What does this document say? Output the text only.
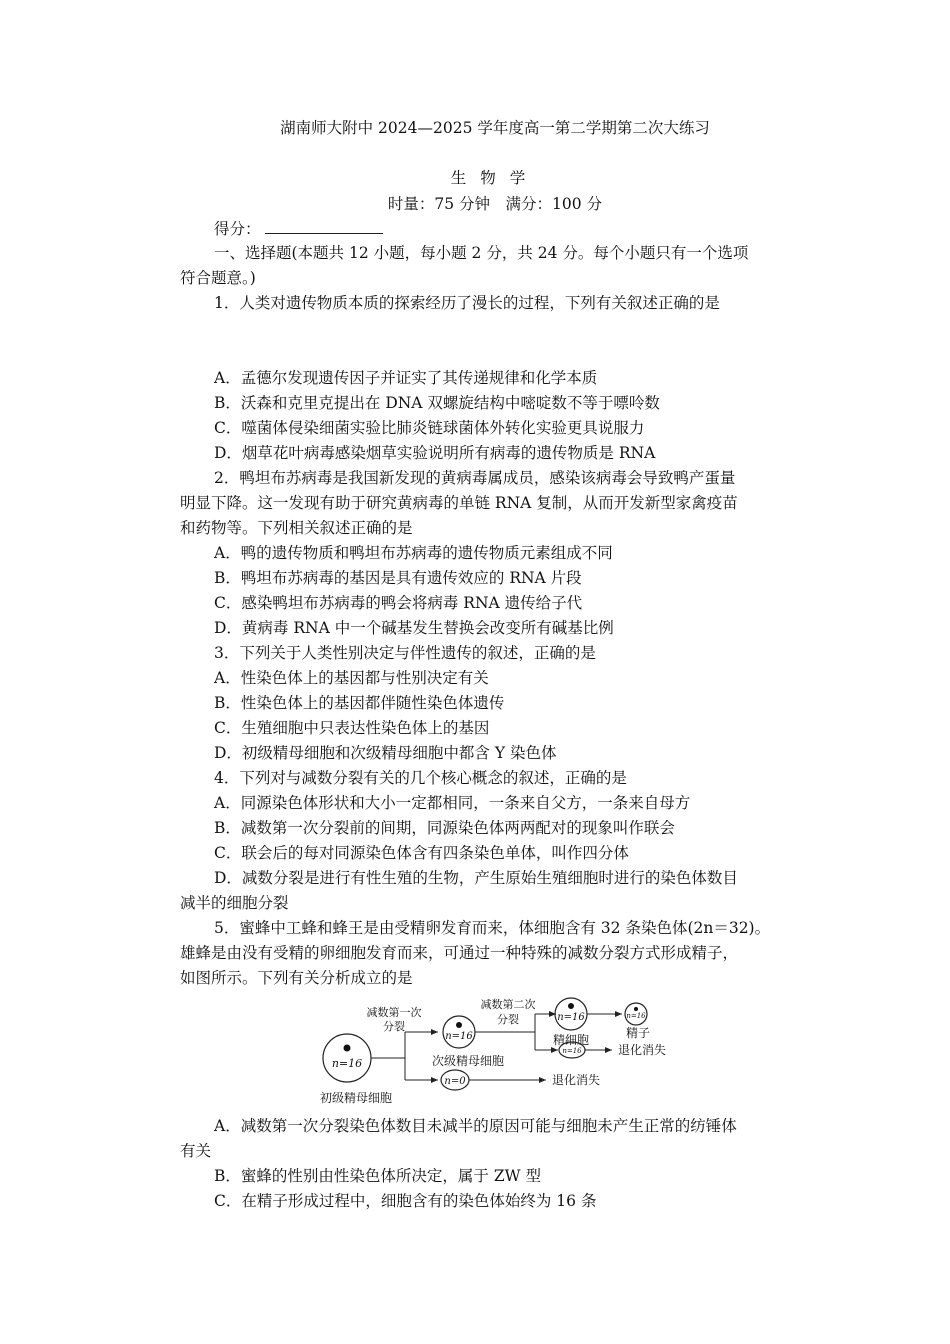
湖南师大附中 2024—2025 学年度高一第二学期第二次大练习
生物学
时量：75 分钟　满分：100 分
得分：
一、选择题(本题共 12 小题，每小题 2 分，共 24 分。每个小题只有一个选项
符合题意。)
1．人类对遗传物质本质的探索经历了漫长的过程，下列有关叙述正确的是
A．孟德尔发现遗传因子并证实了其传递规律和化学本质
B．沃森和克里克提出在 DNA 双螺旋结构中嘧啶数不等于嘌呤数
C．噬菌体侵染细菌实验比肺炎链球菌体外转化实验更具说服力
D．烟草花叶病毒感染烟草实验说明所有病毒的遗传物质是 RNA
2．鸭坦布苏病毒是我国新发现的黄病毒属成员，感染该病毒会导致鸭产蛋量
明显下降。这一发现有助于研究黄病毒的单链 RNA 复制，从而开发新型家禽疫苗
和药物等。下列相关叙述正确的是
A．鸭的遗传物质和鸭坦布苏病毒的遗传物质元素组成不同
B．鸭坦布苏病毒的基因是具有遗传效应的 RNA 片段
C．感染鸭坦布苏病毒的鸭会将病毒 RNA 遗传给子代
D．黄病毒 RNA 中一个碱基发生替换会改变所有碱基比例
3．下列关于人类性别决定与伴性遗传的叙述，正确的是
A．性染色体上的基因都与性别决定有关
B．性染色体上的基因都伴随性染色体遗传
C．生殖细胞中只表达性染色体上的基因
D．初级精母细胞和次级精母细胞中都含 Y 染色体
4．下列对与减数分裂有关的几个核心概念的叙述，正确的是
A．同源染色体形状和大小一定都相同，一条来自父方，一条来自母方
B．减数第一次分裂前的间期，同源染色体两两配对的现象叫作联会
C．联会后的每对同源染色体含有四条染色单体，叫作四分体
D．减数分裂是进行有性生殖的生物，产生原始生殖细胞时进行的染色体数目
减半的细胞分裂
5．蜜蜂中工蜂和蜂王是由受精卵发育而来，体细胞含有 32 条染色体(2n＝32)。
雄蜂是由没有受精的卵细胞发育而来，可通过一种特殊的减数分裂方式形成精子，
如图所示。下列有关分析成立的是
n=16
初级精母细胞
减数第一次
分裂
n=16
次级精母细胞
n=0	退化消失
减数第二次
分裂	n=16
精细胞
n=16
精子
n=16	退化消失
A．减数第一次分裂染色体数目未减半的原因可能与细胞未产生正常的纺锤体
有关
B．蜜蜂的性别由性染色体所决定，属于 ZW 型
C．在精子形成过程中，细胞含有的染色体始终为 16 条
